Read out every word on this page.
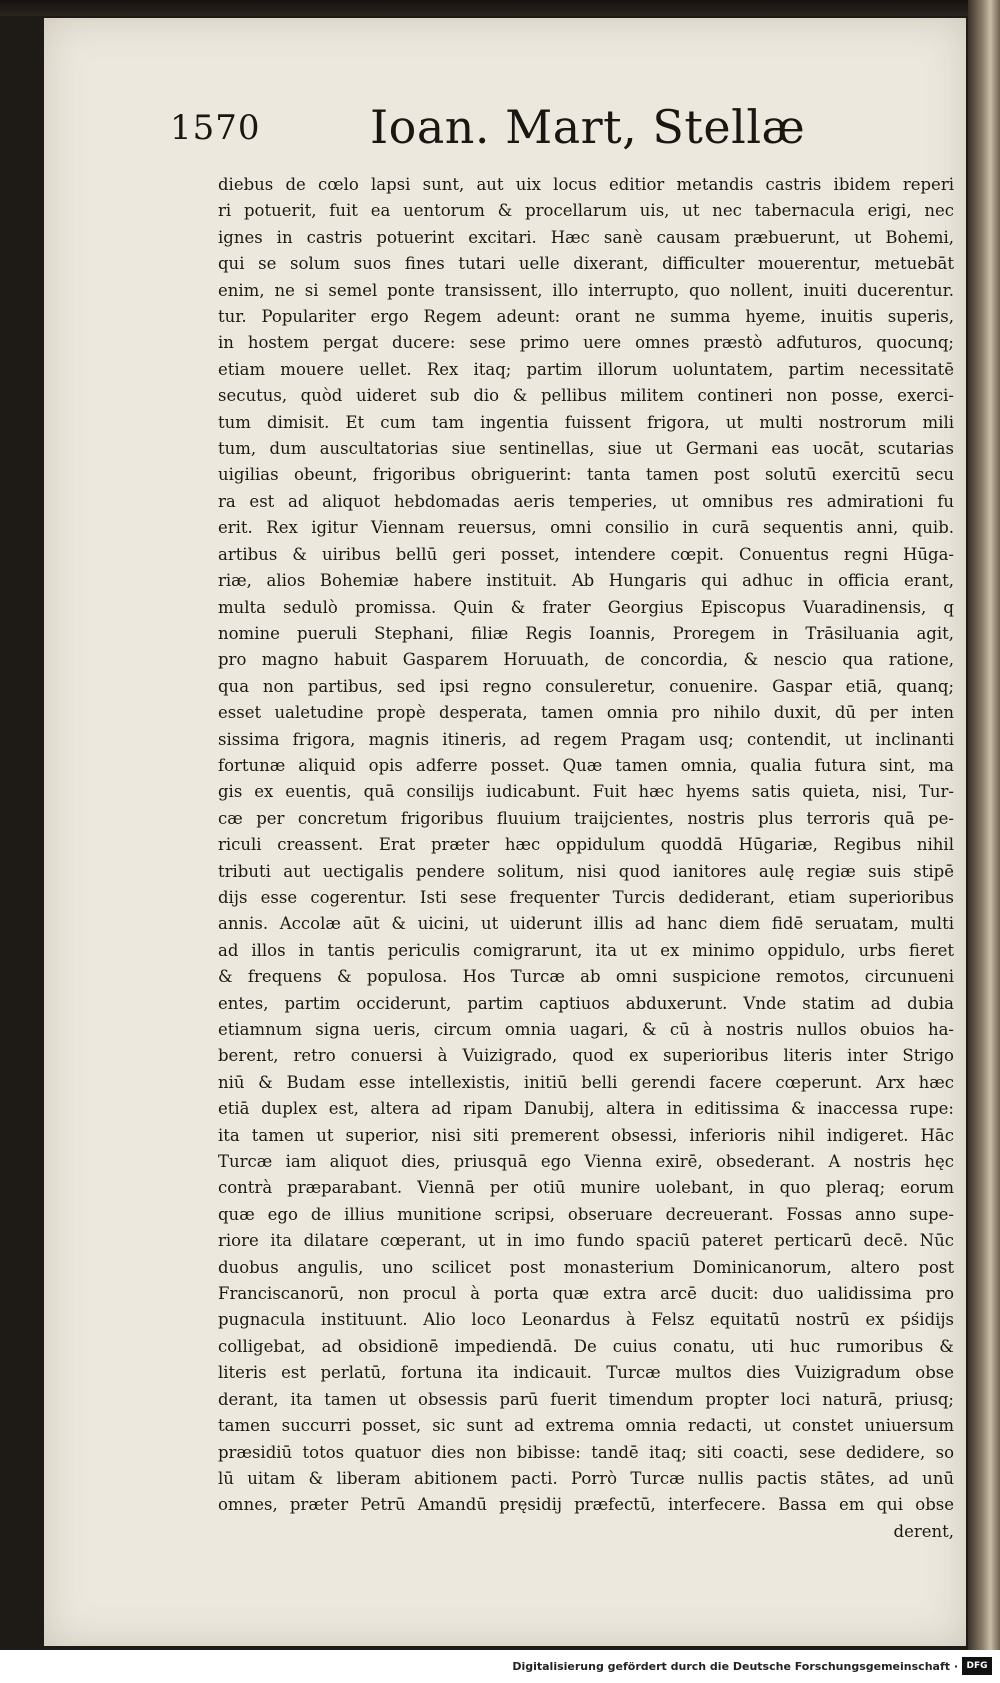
1570 Ioan. Mart, Stellæ
diebus de cœlo lapsi sunt, aut uix locus editior metandis castris ibidem reperi
ri potuerit, fuit ea uentorum & procellarum uis, ut nec tabernacula erigi, nec
ignes in castris potuerint excitari. Hæc sanè causam præbuerunt, ut Bohemi,
qui se solum suos fines tutari uelle dixerant, difficulter mouerentur, metuebāt
enim, ne si semel ponte transissent, illo interrupto, quo nollent, inuiti ducerentur.
tur. Populariter ergo Regem adeunt: orant ne summa hyeme, inuitis superis,
in hostem pergat ducere: sese primo uere omnes præstò adfuturos, quocunq;
etiam mouere uellet. Rex itaq; partim illorum uoluntatem, partim necessitatē
secutus, quòd uideret sub dio & pellibus militem contineri non posse, exerci-
tum dimisit. Et cum tam ingentia fuissent frigora, ut multi nostrorum mili
tum, dum auscultatorias siue sentinellas, siue ut Germani eas uocāt, scutarias
uigilias obeunt, frigoribus obriguerint: tanta tamen post solutū exercitū secu
ra est ad aliquot hebdomadas aeris temperies, ut omnibus res admirationi fu
erit. Rex igitur Viennam reuersus, omni consilio in curā sequentis anni, quib.
artibus & uiribus bellū geri posset, intendere cœpit. Conuentus regni Hūga-
riæ, alios Bohemiæ habere instituit. Ab Hungaris qui adhuc in officia erant,
multa sedulò promissa. Quin & frater Georgius Episcopus Vuaradinensis, q
nomine pueruli Stephani, filiæ Regis Ioannis, Proregem in Trāsiluania agit,
pro magno habuit Gasparem Horuuath, de concordia, & nescio qua ratione,
qua non partibus, sed ipsi regno consuleretur, conuenire. Gaspar etiā, quanq;
esset ualetudine propè desperata, tamen omnia pro nihilo duxit, dū per inten
sissima frigora, magnis itineris, ad regem Pragam usq; contendit, ut inclinanti
fortunæ aliquid opis adferre posset. Quæ tamen omnia, qualia futura sint, ma
gis ex euentis, quā consilijs iudicabunt. Fuit hæc hyems satis quieta, nisi, Tur-
cæ per concretum frigoribus fluuium traijcientes, nostris plus terroris quā pe-
riculi creassent. Erat præter hæc oppidulum quoddā Hūgariæ, Regibus nihil
tributi aut uectigalis pendere solitum, nisi quod ianitores aulę regiæ suis stipē
dijs esse cogerentur. Isti sese frequenter Turcis dediderant, etiam superioribus
annis. Accolæ aūt & uicini, ut uiderunt illis ad hanc diem fidē seruatam, multi
ad illos in tantis periculis comigrarunt, ita ut ex minimo oppidulo, urbs fieret
& frequens & populosa. Hos Turcæ ab omni suspicione remotos, circunueni
entes, partim occiderunt, partim captiuos abduxerunt. Vnde statim ad dubia
etiamnum signa ueris, circum omnia uagari, & cū à nostris nullos obuios ha-
berent, retro conuersi à Vuizigrado, quod ex superioribus literis inter Strigo
niū & Budam esse intellexistis, initiū belli gerendi facere cœperunt. Arx hæc
etiā duplex est, altera ad ripam Danubij, altera in editissima & inaccessa rupe:
ita tamen ut superior, nisi siti premerent obsessi, inferioris nihil indigeret. Hāc
Turcæ iam aliquot dies, priusquā ego Vienna exirē, obsederant. A nostris hęc
contrà præparabant. Viennā per otiū munire uolebant, in quo pleraq; eorum
quæ ego de illius munitione scripsi, obseruare decreuerant. Fossas anno supe-
riore ita dilatare cœperant, ut in imo fundo spaciū pateret perticarū decē. Nūc
duobus angulis, uno scilicet post monasterium Dominicanorum, altero post
Franciscanorū, non procul à porta quæ extra arcē ducit: duo ualidissima pro
pugnacula instituunt. Alio loco Leonardus à Felsz equitatū nostrū ex pśidijs
colligebat, ad obsidionē impediendā. De cuius conatu, uti huc rumoribus &
literis est perlatū, fortuna ita indicauit. Turcæ multos dies Vuizigradum obse
derant, ita tamen ut obsessis parū fuerit timendum propter loci naturā, priusq;
tamen succurri posset, sic sunt ad extrema omnia redacti, ut constet uniuersum
præsidiū totos quatuor dies non bibisse: tandē itaq; siti coacti, sese dedidere, so
lū uitam & liberam abitionem pacti. Porrò Turcæ nullis pactis stātes, ad unū
omnes, præter Petrū Amandū pręsidij præfectū, interfecere. Bassa em qui obse
derent,
Digitalisierung gefördert durch die Deutsche Forschungsgemeinschaft · DFG
